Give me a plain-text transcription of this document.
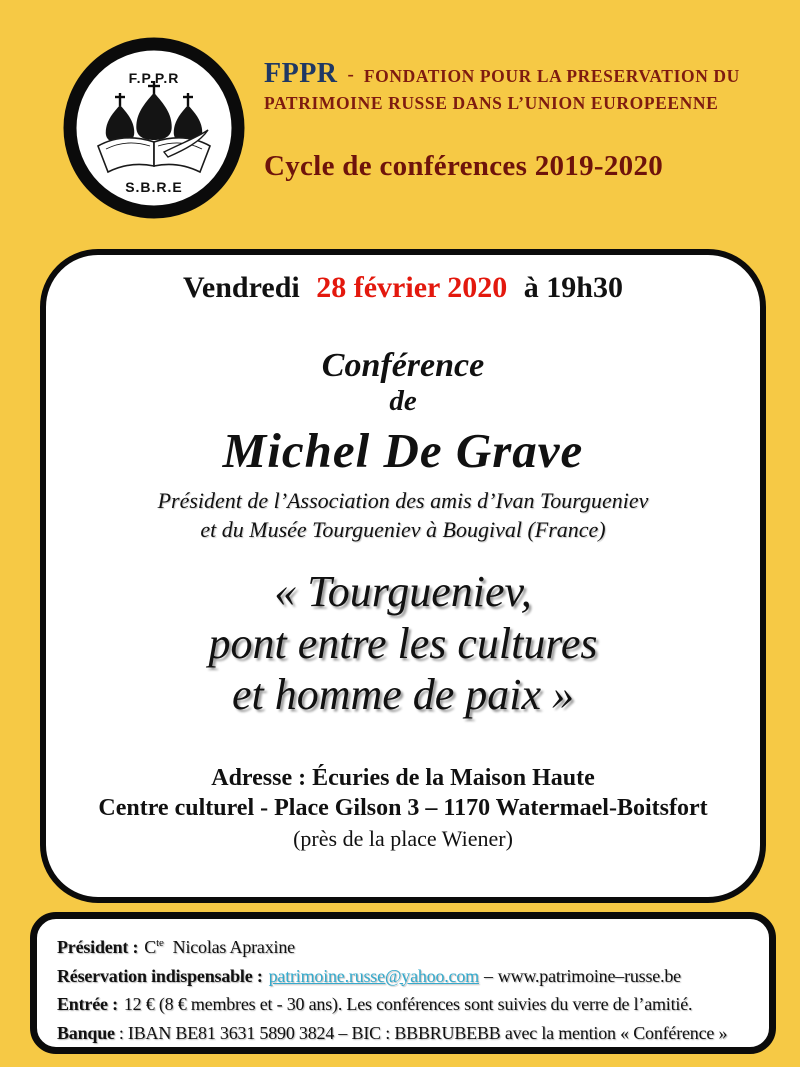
F.P.P.R
S.B.R.E
FPPR - FONDATION POUR LA PRESERVATION DU
PATRIMOINE RUSSE DANS L’UNION EUROPEENNE
Cycle de conférences 2019-2020
Vendredi 28 février 2020 à 19h30
Conférence
de
Michel De Grave
Président de l’Association des amis d’Ivan Tourgueniev
et du Musée Tourgueniev à Bougival (France)
« Tourgueniev,
pont entre les cultures
et homme de paix »
Adresse : Écuries de la Maison Haute
Centre culturel - Place Gilson 3 – 1170 Watermael-Boitsfort
(près de la place Wiener)
Président : $C^{te}$ Nicolas Apraxine
Réservation indispensable : patrimoine.russe@yahoo.com – www.patrimoine–russe.be
Entrée : 12 € (8 € membres et - 30 ans). Les conférences sont suivies du verre de l’amitié.
Banque : IBAN BE81 3631 5890 3824 – BIC : BBBRUBEBB avec la mention « Conférence »
